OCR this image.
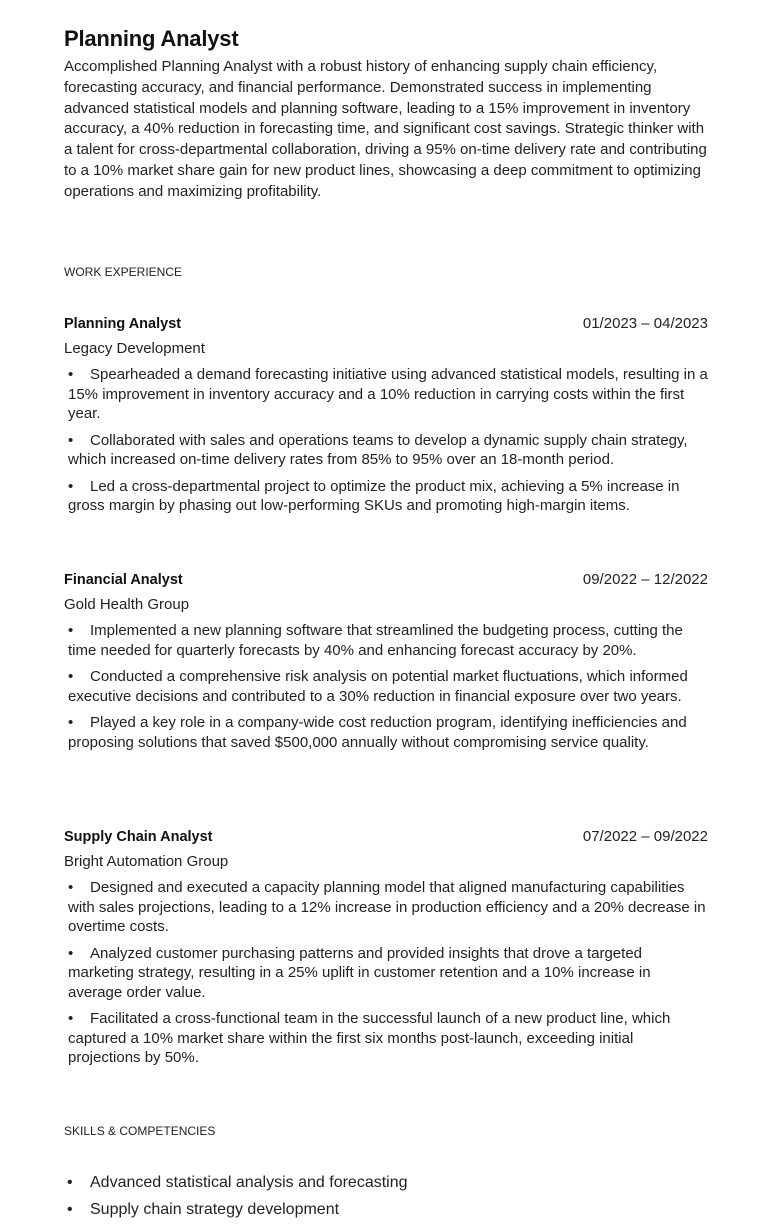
Planning Analyst
Accomplished Planning Analyst with a robust history of enhancing supply chain efficiency, forecasting accuracy, and financial performance. Demonstrated success in implementing advanced statistical models and planning software, leading to a 15% improvement in inventory accuracy, a 40% reduction in forecasting time, and significant cost savings. Strategic thinker with a talent for cross-departmental collaboration, driving a 95% on-time delivery rate and contributing to a 10% market share gain for new product lines, showcasing a deep commitment to optimizing operations and maximizing profitability.
WORK EXPERIENCE
Planning Analyst	01/2023 – 04/2023
Legacy Development
• Spearheaded a demand forecasting initiative using advanced statistical models, resulting in a 15% improvement in inventory accuracy and a 10% reduction in carrying costs within the first year.
• Collaborated with sales and operations teams to develop a dynamic supply chain strategy, which increased on-time delivery rates from 85% to 95% over an 18-month period.
• Led a cross-departmental project to optimize the product mix, achieving a 5% increase in gross margin by phasing out low-performing SKUs and promoting high-margin items.
Financial Analyst	09/2022 – 12/2022
Gold Health Group
• Implemented a new planning software that streamlined the budgeting process, cutting the time needed for quarterly forecasts by 40% and enhancing forecast accuracy by 20%.
• Conducted a comprehensive risk analysis on potential market fluctuations, which informed executive decisions and contributed to a 30% reduction in financial exposure over two years.
• Played a key role in a company-wide cost reduction program, identifying inefficiencies and proposing solutions that saved $500,000 annually without compromising service quality.
Supply Chain Analyst	07/2022 – 09/2022
Bright Automation Group
• Designed and executed a capacity planning model that aligned manufacturing capabilities with sales projections, leading to a 12% increase in production efficiency and a 20% decrease in overtime costs.
• Analyzed customer purchasing patterns and provided insights that drove a targeted marketing strategy, resulting in a 25% uplift in customer retention and a 10% increase in average order value.
• Facilitated a cross-functional team in the successful launch of a new product line, which captured a 10% market share within the first six months post-launch, exceeding initial projections by 50%.
SKILLS & COMPETENCIES
• Advanced statistical analysis and forecasting
• Supply chain strategy development
